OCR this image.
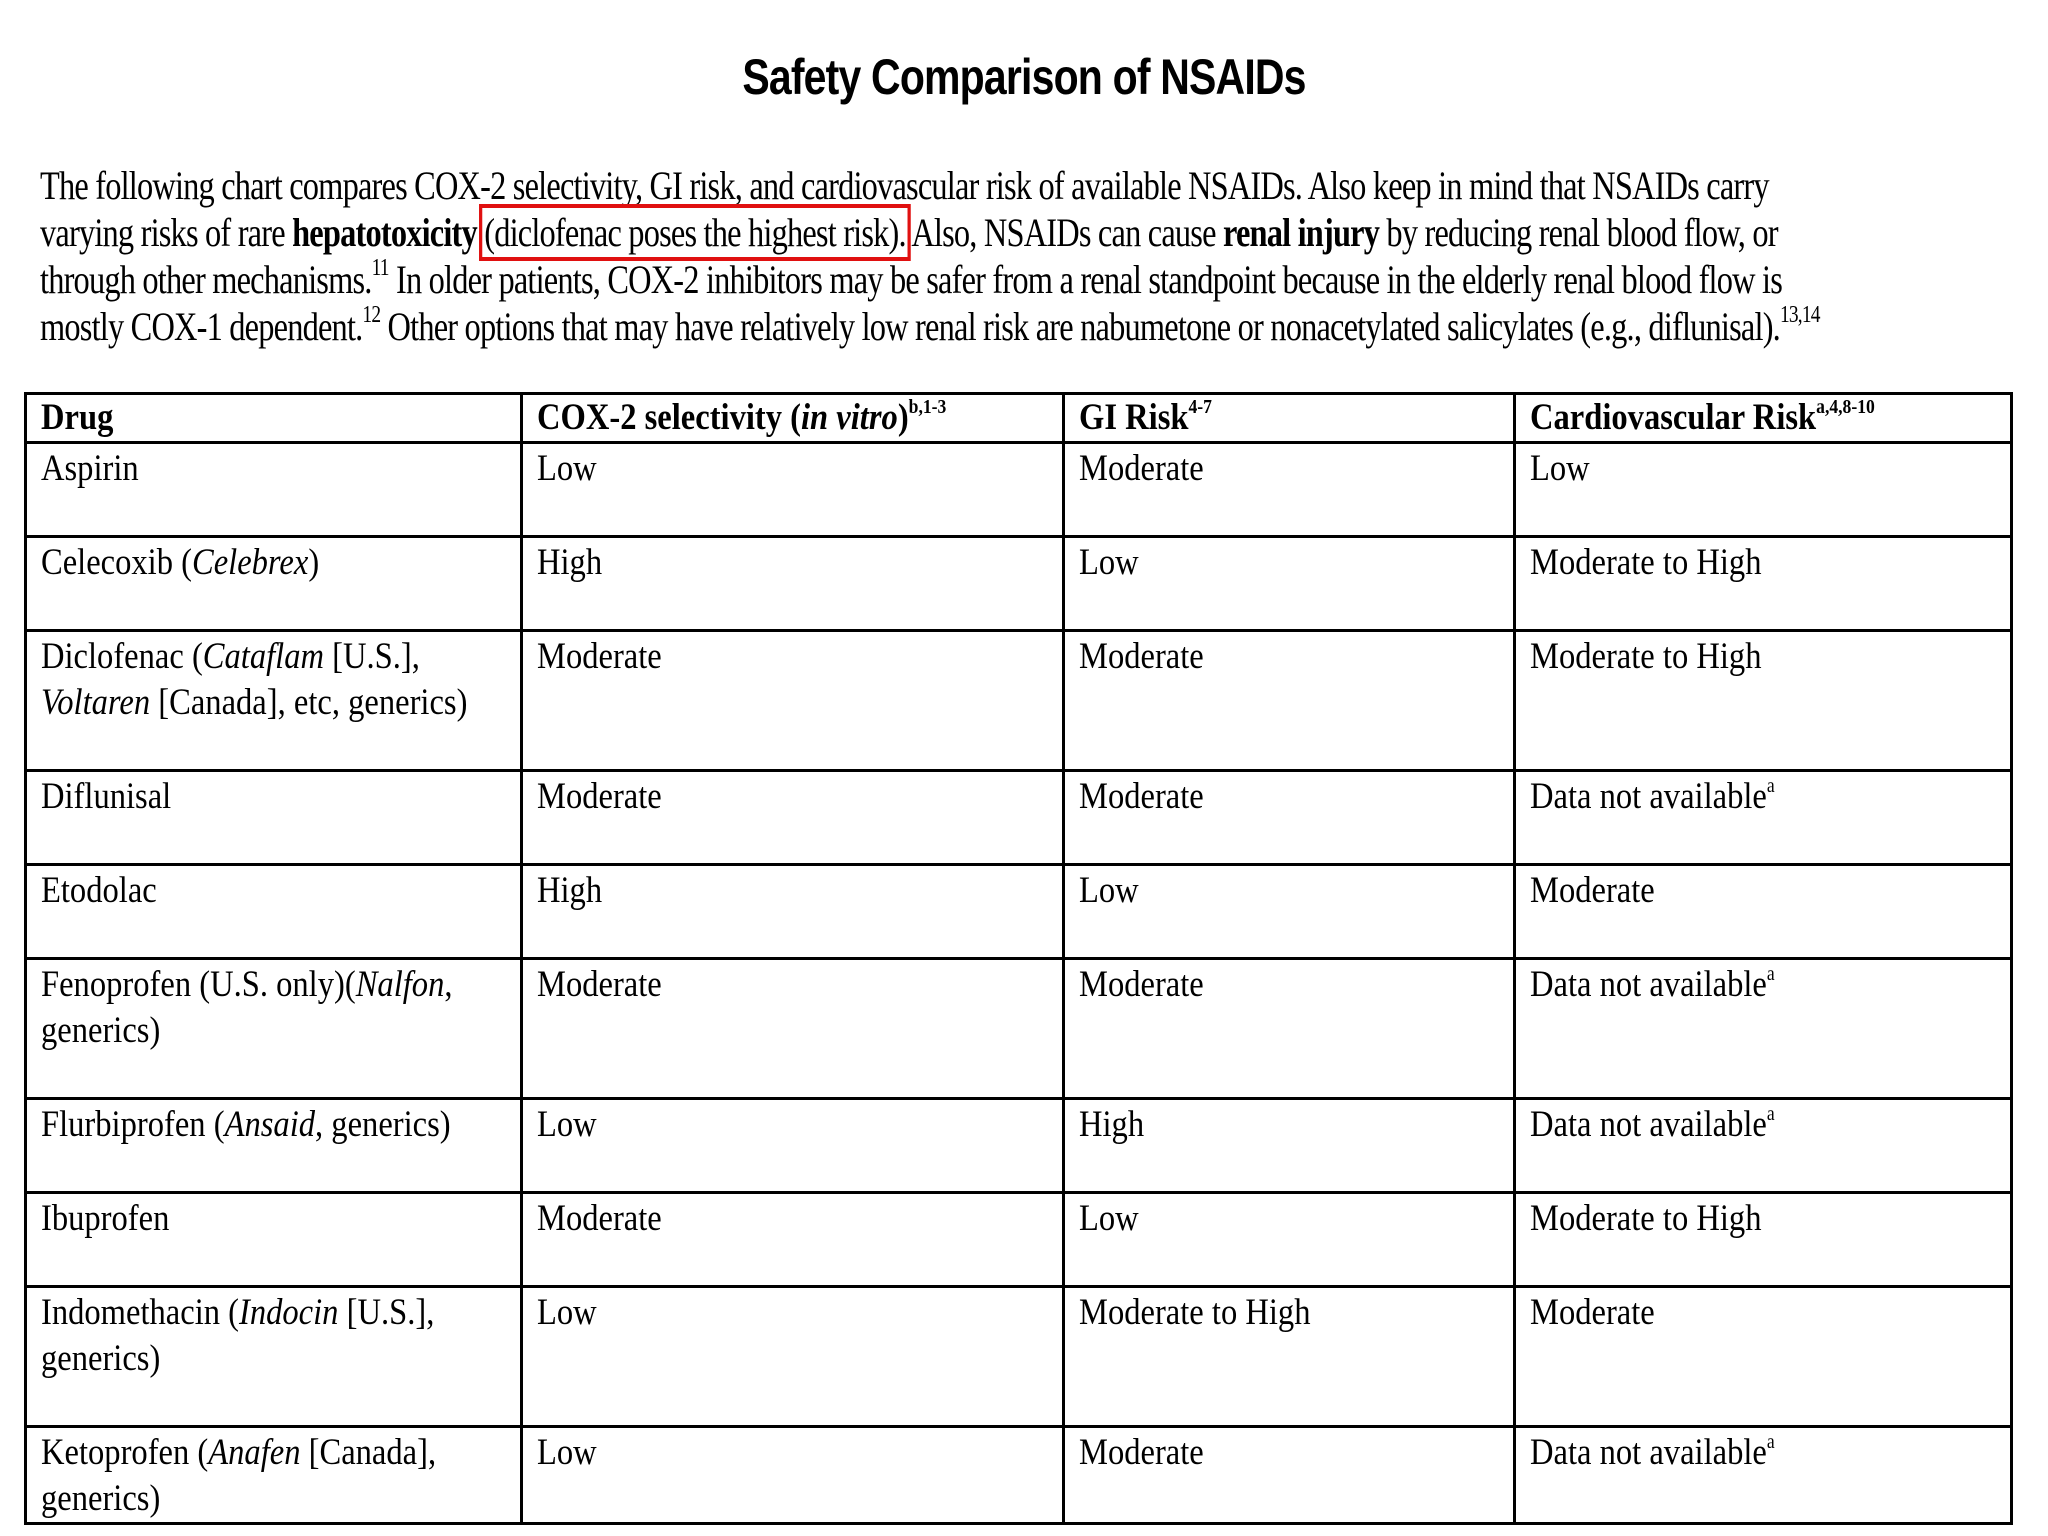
Safety Comparison of NSAIDs
The following chart compares COX-2 selectivity, GI risk, and cardiovascular risk of available NSAIDs. Also keep in mind that NSAIDs carry
varying risks of rare hepatotoxicity (diclofenac poses the highest risk). Also, NSAIDs can cause renal injury by reducing renal blood flow, or
through other mechanisms.$^{11}$ In older patients, COX-2 inhibitors may be safer from a renal standpoint because in the elderly renal blood flow is
mostly COX-1 dependent.$^{12}$ Other options that may have relatively low renal risk are nabumetone or nonacetylated salicylates (e.g., diflunisal).$^{13,14}$
Drug	COX-2 selectivity (in vitro)$^{b,1-3}$	GI Risk$^{4-7}$	Cardiovascular Risk$^{a,4,8-10}$
Aspirin	Low	Moderate	Low
Celecoxib (Celebrex)	High	Low	Moderate to High

Diclofenac (Cataflam [U.S.],
Voltaren [Canada], etc, generics)	Moderate	Moderate	Moderate to High
Diflunisal	Moderate	Moderate	Data not available$^a$
Etodolac	High	Low	Moderate

Fenoprofen (U.S. only)(Nalfon,
generics)	Moderate	Moderate	Data not available$^a$
Flurbiprofen (Ansaid, generics)	Low	High	Data not available$^a$
Ibuprofen	Moderate	Low	Moderate to High

Indomethacin (Indocin [U.S.],
generics)	Low	Moderate to High	Moderate

Ketoprofen (Anafen [Canada],
generics)	Low	Moderate	Data not available$^a$
